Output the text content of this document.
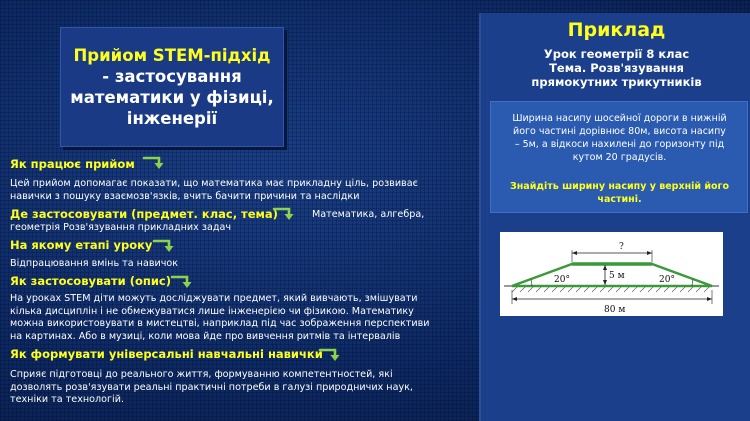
Прийом STEM-підхід
- застосування
математики у фізиці,
інженерії
Як працює прийом
Цей прийом допомагає показати, що математика має прикладну ціль, розвиває
навички з пошуку взаємозв'язків, вчить бачити причини та наслідки
Де застосовувати (предмет. клас, тема)	Математика, алгебра,
геометрія Розв'язування прикладних задач
На якому етапі уроку
Відпрацювання вмінь та навичок
Як застосовувати (опис)
На уроках STEM діти можуть досліджувати предмет, який вивчають, змішувати
кілька дисциплін і не обмежуватися лише інженерією чи фізикою. Математику
можна використовувати в мистецтві, наприклад під час зображення перспективи
на картинах. Або в музиці, коли мова йде про вивчення ритмів та інтервалів
Як формувати універсальні навчальні навички
Сприяє підготовці до реального життя, формуванню компетентностей, які
дозволять розв'язувати реальні практичні потреби в галузі природничих наук,
техніки та технологій.
Приклад
Урок геометрії 8 клас
Тема. Розв'язування
прямокутних трикутників
Ширина насипу шосейної дороги в нижній
його частині дорівнює 80м, висота насипу
– 5м, а відкоси нахилені до горизонту під
кутом 20 градусів.
Знайдіть ширину насипу у верхній його
частині.
?
5 м
20°	20°
80 м
